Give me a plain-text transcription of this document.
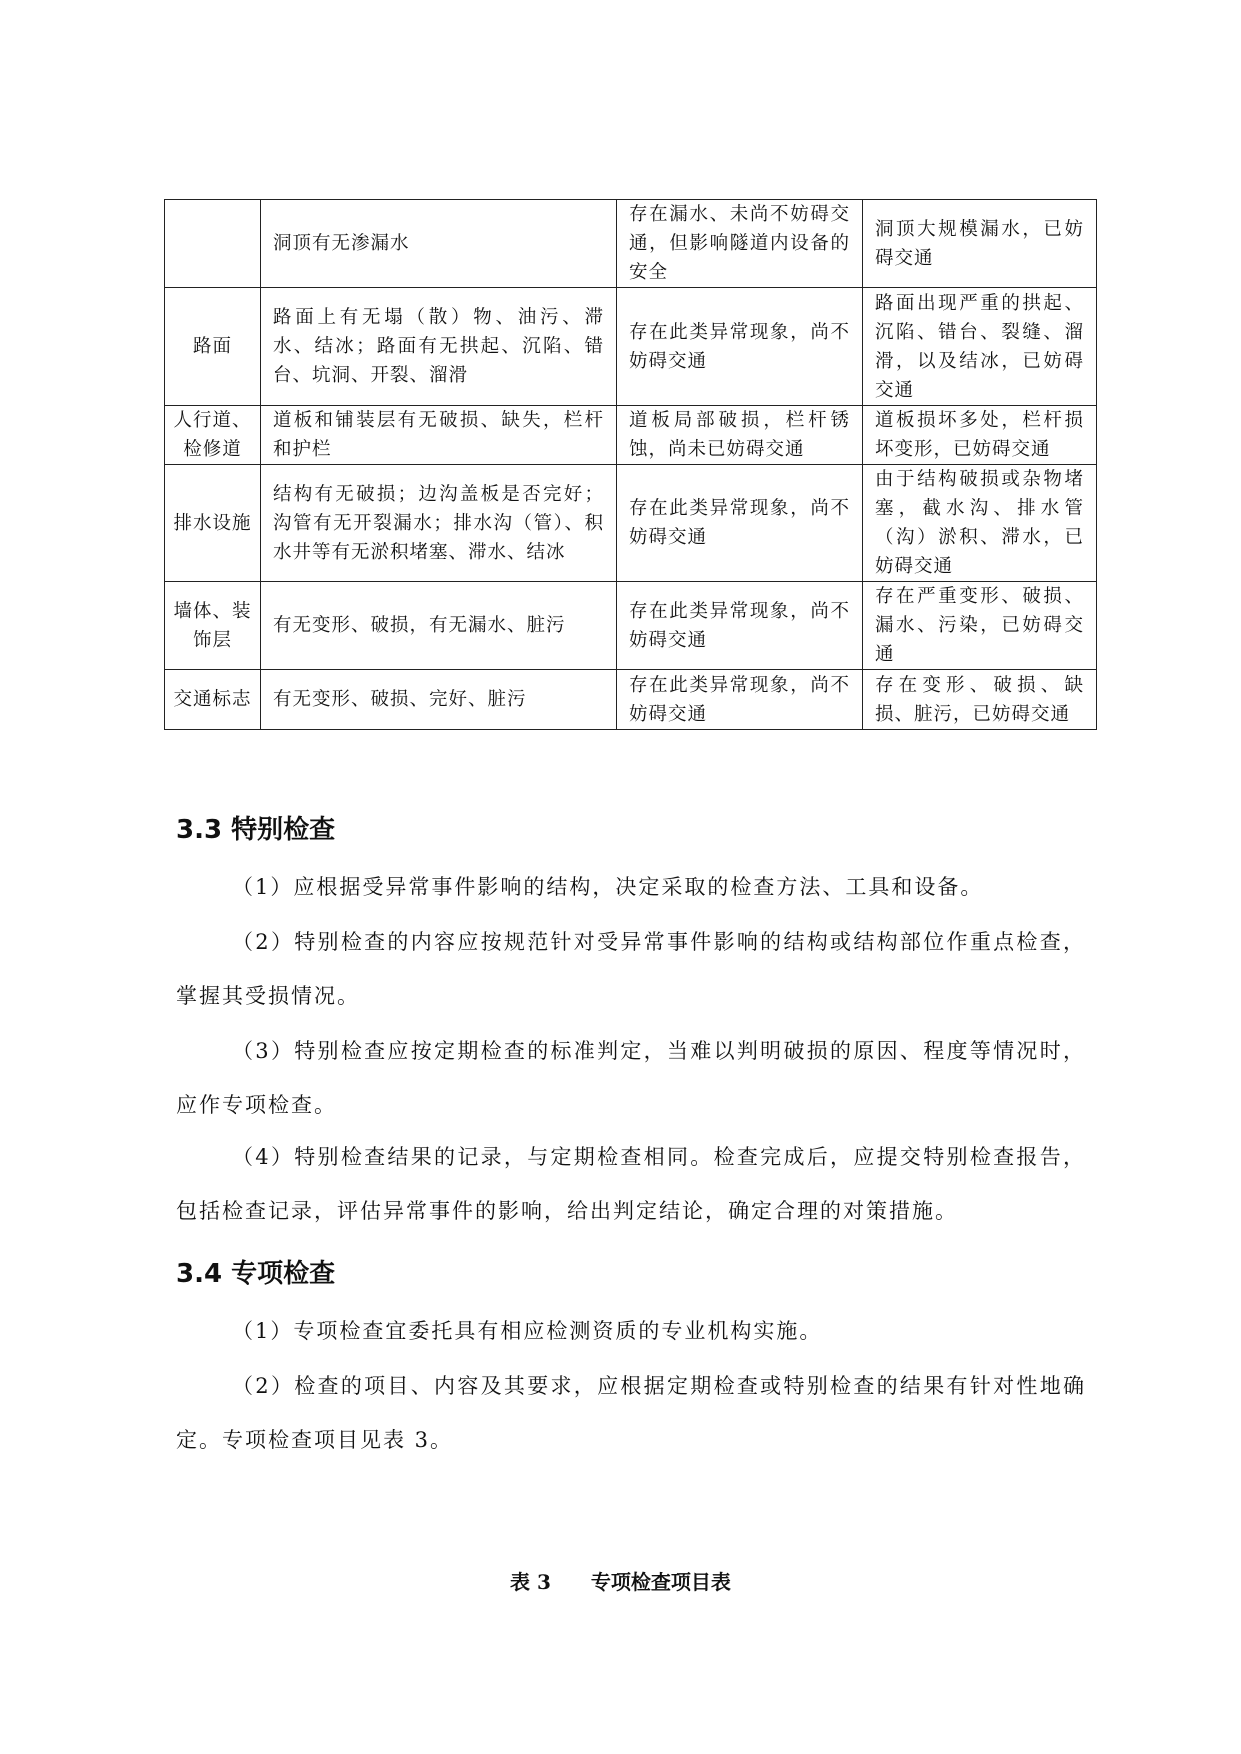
	洞顶有无渗漏水	存在漏水、未尚不妨碍交通，但影响隧道内设备的安全	洞顶大规模漏水，已妨碍交通
路面	路面上有无塌（散）物、油污、滞水、结冰；路面有无拱起、沉陷、错台、坑洞、开裂、溜滑	存在此类异常现象，尚不妨碍交通	路面出现严重的拱起、沉陷、错台、裂缝、溜滑，以及结冰，已妨碍交通
人行道、检修道	道板和铺装层有无破损、缺失，栏杆和护栏	道板局部破损，栏杆锈蚀，尚未已妨碍交通	道板损坏多处，栏杆损坏变形，已妨碍交通
排水设施	结构有无破损；边沟盖板是否完好；沟管有无开裂漏水；排水沟（管）、积水井等有无淤积堵塞、滞水、结冰	存在此类异常现象，尚不妨碍交通	由于结构破损或杂物堵塞，截水沟、排水管（沟）淤积、滞水，已妨碍交通
墙体、装饰层	有无变形、破损，有无漏水、脏污	存在此类异常现象，尚不妨碍交通	存在严重变形、破损、漏水、污染，已妨碍交通
交通标志	有无变形、破损、完好、脏污	存在此类异常现象，尚不妨碍交通	存在变形、破损、缺损、脏污，已妨碍交通
3.3 特别检查

（1）应根据受异常事件影响的结构，决定采取的检查方法、工具和设备。

（2）特别检查的内容应按规范针对受异常事件影响的结构或结构部位作重点检查，掌握其受损情况。

（3）特别检查应按定期检查的标准判定，当难以判明破损的原因、程度等情况时，应作专项检查。

（4）特别检查结果的记录，与定期检查相同。检查完成后，应提交特别检查报告，包括检查记录，评估异常事件的影响，给出判定结论，确定合理的对策措施。

3.4 专项检查

（1）专项检查宜委托具有相应检测资质的专业机构实施。

（2）检查的项目、内容及其要求，应根据定期检查或特别检查的结果有针对性地确定。专项检查项目见表 3。

表 3　　专项检查项目表
